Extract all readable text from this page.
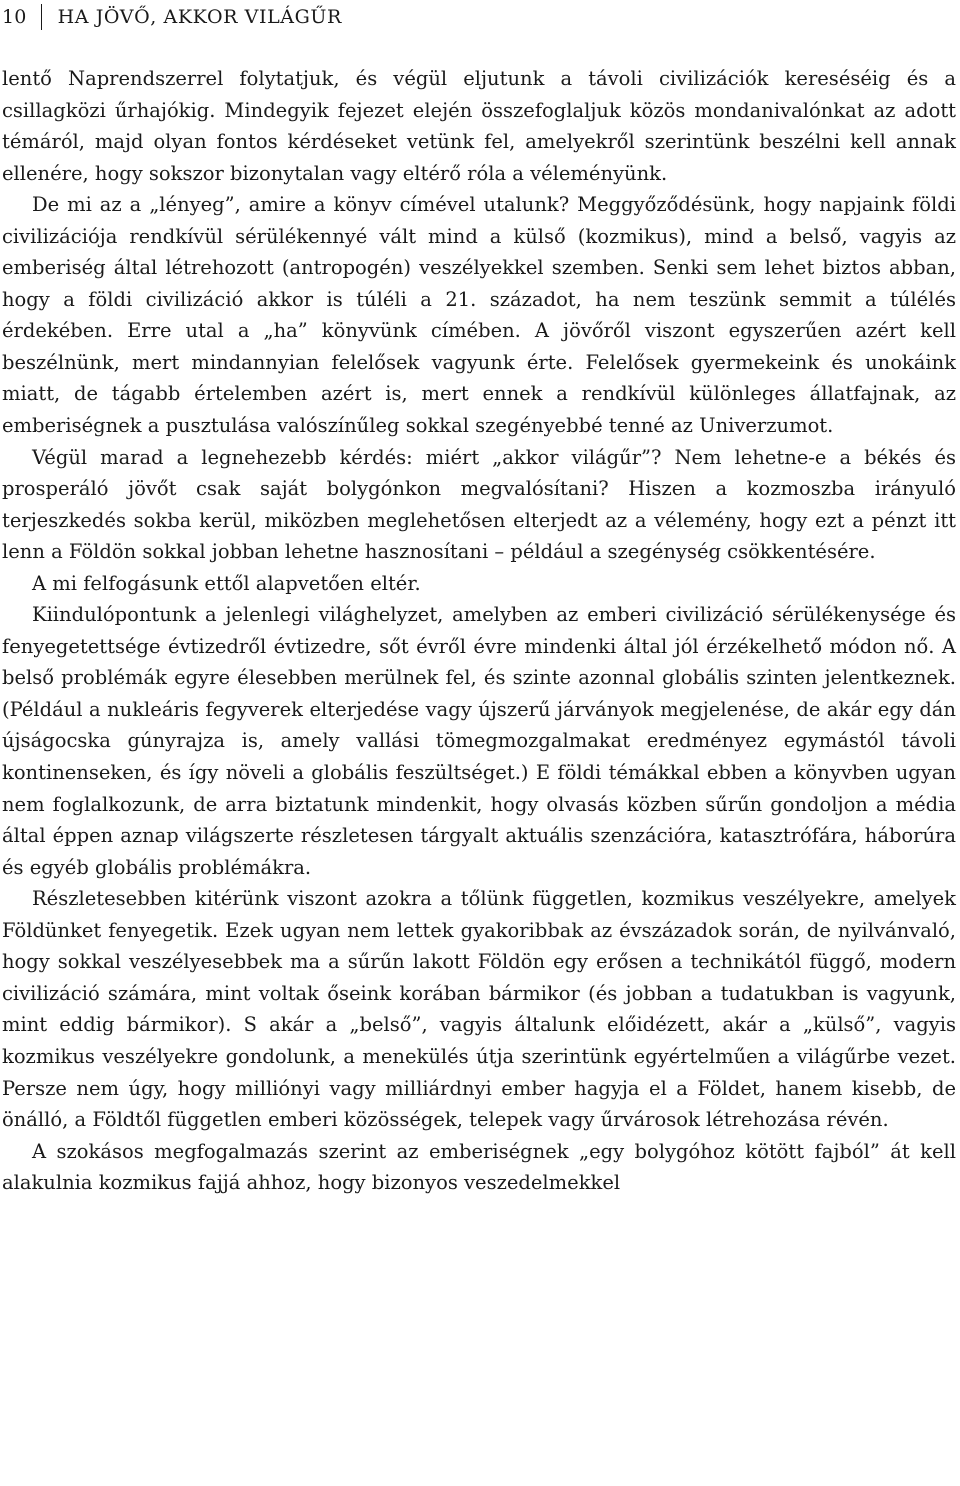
10 HA JÖVŐ, AKKOR VILÁGŰR

lentő Naprendszerrel folytatjuk, és végül eljutunk a távoli civilizációk kereséséig és a csillagközi űrhajókig. Mindegyik fejezet elején összefoglaljuk közös mondanivalónkat az adott témáról, majd olyan fontos kérdéseket vetünk fel, amelyekről szerintünk beszélni kell annak ellenére, hogy sokszor bizonytalan vagy eltérő róla a véleményünk.

De mi az a „lényeg”, amire a könyv címével utalunk? Meggyőződésünk, hogy napjaink földi civilizációja rendkívül sérülékennyé vált mind a külső (kozmikus), mind a belső, vagyis az emberiség által létrehozott (antropogén) veszélyekkel szemben. Senki sem lehet biztos abban, hogy a földi civilizáció akkor is túléli a 21. századot, ha nem teszünk semmit a túlélés érdekében. Erre utal a „ha” könyvünk címében. A jövőről viszont egyszerűen azért kell beszélnünk, mert mindannyian felelősek vagyunk érte. Felelősek gyermekeink és unokáink miatt, de tágabb értelemben azért is, mert ennek a rendkívül különleges állatfajnak, az emberiségnek a pusztulása valószínűleg sokkal szegényebbé tenné az Univerzumot.

Végül marad a legnehezebb kérdés: miért „akkor világűr”? Nem lehetne-e a békés és prosperáló jövőt csak saját bolygónkon megvalósítani? Hiszen a kozmoszba irányuló terjeszkedés sokba kerül, miközben meglehetősen elterjedt az a vélemény, hogy ezt a pénzt itt lenn a Földön sokkal jobban lehetne hasznosítani – például a szegénység csökkentésére.

A mi felfogásunk ettől alapvetően eltér.

Kiindulópontunk a jelenlegi világhelyzet, amelyben az emberi civilizáció sérülékenysége és fenyegetettsége évtizedről évtizedre, sőt évről évre mindenki által jól érzékelhető módon nő. A belső problémák egyre élesebben merülnek fel, és szinte azonnal globális szinten jelentkeznek. (Például a nukleáris fegyverek elterjedése vagy újszerű járványok megjelenése, de akár egy dán újságocska gúnyrajza is, amely vallási tömegmozgalmakat eredményez egymástól távoli kontinenseken, és így növeli a globális feszültséget.) E földi témákkal ebben a könyvben ugyan nem foglalkozunk, de arra biztatunk mindenkit, hogy olvasás közben sűrűn gondoljon a média által éppen aznap világszerte részletesen tárgyalt aktuális szenzációra, katasztrófára, háborúra és egyéb globális problémákra.

Részletesebben kitérünk viszont azokra a tőlünk független, kozmikus veszélyekre, amelyek Földünket fenyegetik. Ezek ugyan nem lettek gyakoribbak az évszázadok során, de nyilvánvaló, hogy sokkal veszélyesebbek ma a sűrűn lakott Földön egy erősen a technikától függő, modern civilizáció számára, mint voltak őseink korában bármikor (és jobban a tudatukban is vagyunk, mint eddig bármikor). S akár a „belső”, vagyis általunk előidézett, akár a „külső”, vagyis kozmikus veszélyekre gondolunk, a menekülés útja szerintünk egyértelműen a világűrbe vezet. Persze nem úgy, hogy milliónyi vagy milliárdnyi ember hagyja el a Földet, hanem kisebb, de önálló, a Földtől független emberi közösségek, telepek vagy űrvárosok létrehozása révén.

A szokásos megfogalmazás szerint az emberiségnek „egy bolygóhoz kötött fajból” át kell alakulnia kozmikus fajjá ahhoz, hogy bizonyos veszedelmekkel
